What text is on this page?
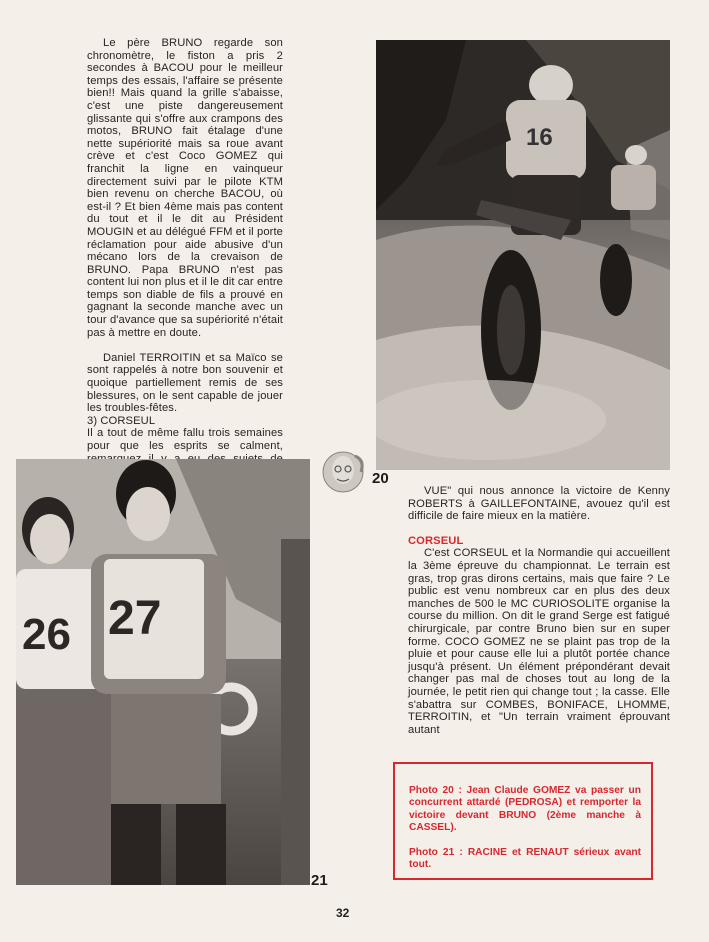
Le père BRUNO regarde son chronomètre, le fiston a pris 2 secondes à BACOU pour le meilleur temps des essais, l'affaire se présente bien!! Mais quand la grille s'abaisse, c'est une piste dangereusement glissante qui s'offre aux crampons des motos, BRUNO fait étalage d'une nette supériorité mais sa roue avant crève et c'est Coco GOMEZ qui franchit la ligne en vainqueur directement suivi par le pilote KTM bien revenu on cherche BACOU, où est-il ? Et bien 4ème mais pas content du tout et il le dit au Président MOUGIN et au délégué FFM et il porte réclamation pour aide abusive d'un mécano lors de la crevaison de BRUNO. Papa BRUNO n'est pas content lui non plus et il le dit car entre temps son diable de fils a prouvé en gagnant la seconde manche avec un tour d'avance que sa supériorité n'était pas à mettre en doute.

Daniel TERROITIN et sa Maïco se sont rappelés à notre bon souvenir et quoique partiellement remis de ses blessures, on le sent capable de jouer les troubles-fêtes.

3) CORSEUL

Il a tout de même fallu trois semaines pour que les esprits se calment,

16
20
26 27
21

VUE" qui nous annonce la victoire de Kenny ROBERTS à GAILLEFONTAINE, avouez qu'il est difficile de faire mieux en la matière.

CORSEUL

C'est CORSEUL et la Normandie qui accueillent la 3ème épreuve du championnat. Le terrain est gras, trop gras dirons certains, mais que faire ? Le public est venu nombreux car en plus des deux manches de 500 le MC CURIOSOLITE organise la course du million. On dit le grand Serge est fatigué chirurgicale, par contre Bruno bien sur en super forme. COCO GOMEZ ne se plaint pas trop de la pluie et pour cause elle lui a plutôt portée chance jusqu'à présent. Un élément prépondérant devait changer pas mal de choses tout au long de la journée, le petit rien qui change tout ; la casse. Elle s'abattra sur COMBES, BONIFACE, LHOMME, TERROITIN, et "Un terrain vraiment éprouvant autant

Photo 20 : Jean Claude GOMEZ va passer un concurrent attardé (PEDROSA) et remporter la victoire devant BRUNO (2ème manche à CASSEL).

Photo 21 : RACINE et RENAUT sérieux avant tout.

32
